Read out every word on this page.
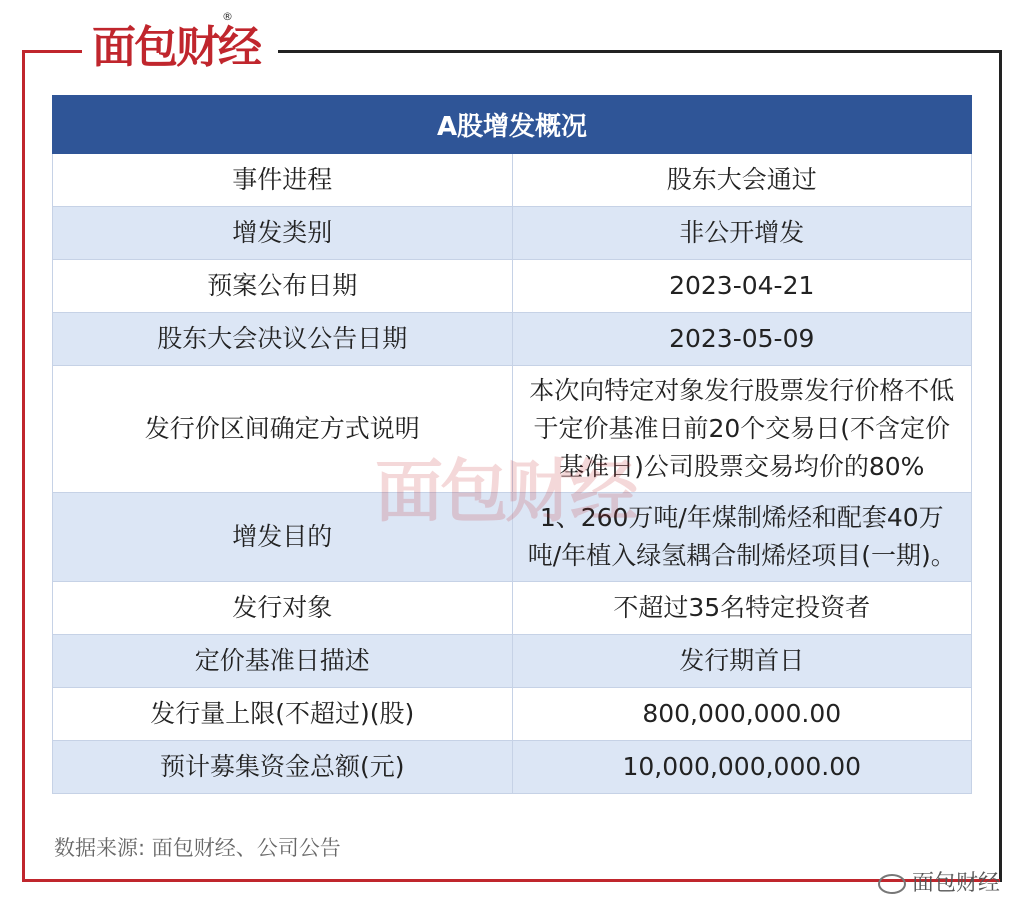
面包财经
®
A股增发概况	
事件进程	股东大会通过
增发类别	非公开增发
预案公布日期	2023-04-21
股东大会决议公告日期	2023-05-09
发行价区间确定方式说明	本次向特定对象发行股票发行价格不低于定价基准日前20个交易日(不含定价基准日)公司股票交易均价的80%
增发目的	1、260万吨/年煤制烯烃和配套40万吨/年植入绿氢耦合制烯烃项目(一期)。
发行对象	不超过35名特定投资者
定价基准日描述	发行期首日
发行量上限(不超过)(股)	800,000,000.00
预计募集资金总额(元)	10,000,000,000.00
数据来源: 面包财经、公司公告
面包财经
